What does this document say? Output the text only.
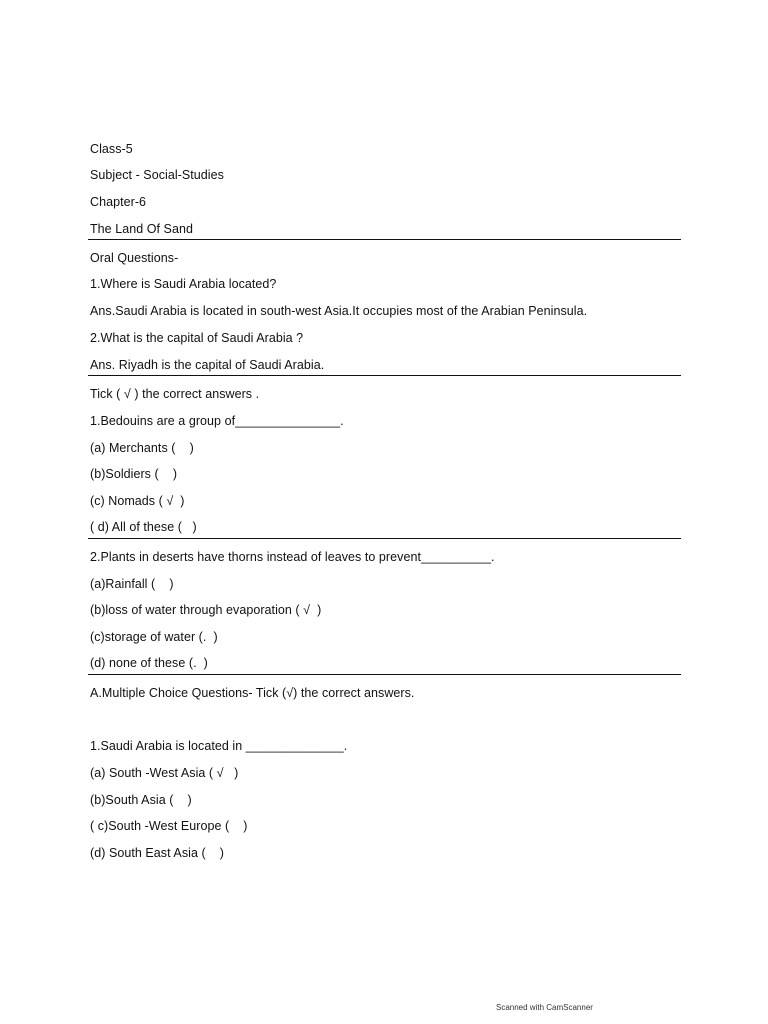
Class-5
Subject - Social-Studies
Chapter-6
The Land Of Sand
Oral Questions-
1.Where is Saudi Arabia located?
Ans.Saudi Arabia is located in south-west Asia.It occupies most of the Arabian Peninsula.
2.What is the capital of Saudi Arabia ?
Ans. Riyadh is the capital of Saudi Arabia.
Tick ( √ ) the correct answers .
1.Bedouins are a group of_______________.
(a) Merchants (    )
(b)Soldiers (    )
(c) Nomads ( √  )
( d) All of these (   )
2.Plants in deserts have thorns instead of leaves to prevent__________.
(a)Rainfall (    )
(b)loss of water through evaporation ( √  )
(c)storage of water (.  )
(d) none of these (.  )
A.Multiple Choice Questions- Tick (√) the correct answers.
1.Saudi Arabia is located in ______________.
(a) South -West Asia ( √   )
(b)South Asia (    )
( c)South -West Europe (    )
(d) South East Asia (    )
Scanned with CamScanner
